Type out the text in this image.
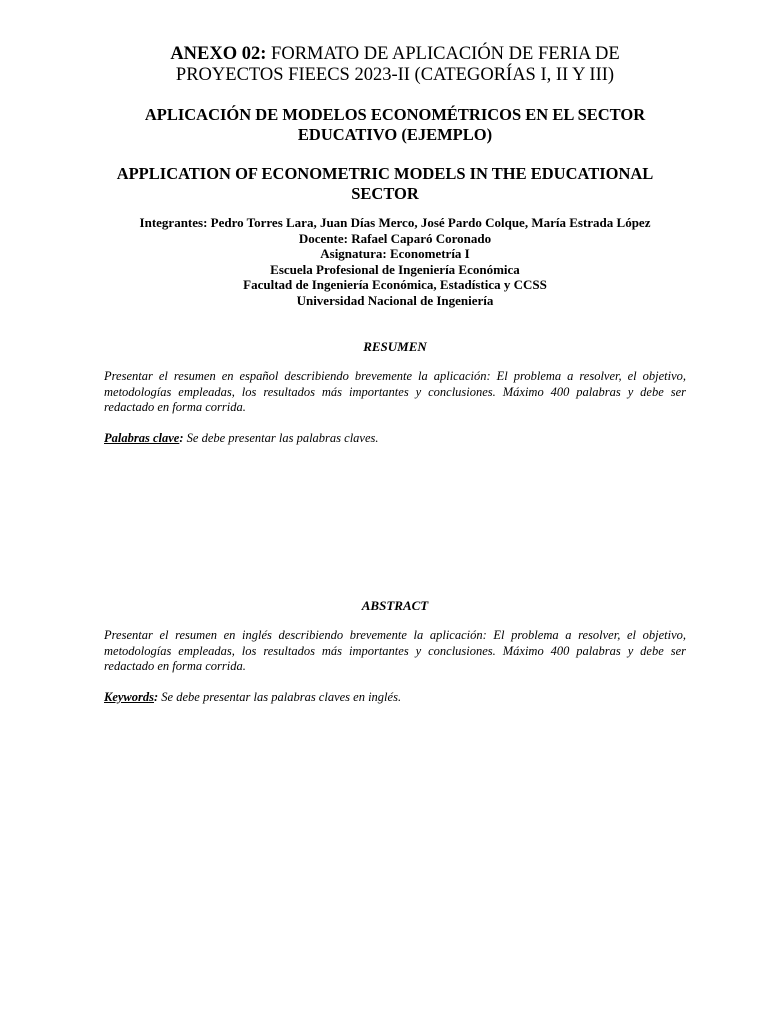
ANEXO 02: FORMATO DE APLICACIÓN DE FERIA DE
PROYECTOS FIEECS 2023-II (CATEGORÍAS I, II Y III)
APLICACIÓN DE MODELOS ECONOMÉTRICOS EN EL SECTOR
EDUCATIVO (EJEMPLO)
APPLICATION OF ECONOMETRIC MODELS IN THE EDUCATIONAL
SECTOR
Integrantes: Pedro Torres Lara, Juan Días Merco, José Pardo Colque, María Estrada López
Docente: Rafael Caparó Coronado
Asignatura: Econometría I
Escuela Profesional de Ingeniería Económica
Facultad de Ingeniería Económica, Estadística y CCSS
Universidad Nacional de Ingeniería
RESUMEN
Presentar el resumen en español describiendo brevemente la aplicación: El problema a resolver, el objetivo, metodologías empleadas, los resultados más importantes y conclusiones. Máximo 400 palabras y debe ser redactado en forma corrida.
Palabras clave: Se debe presentar las palabras claves.
ABSTRACT
Presentar el resumen en inglés describiendo brevemente la aplicación: El problema a resolver, el objetivo, metodologías empleadas, los resultados más importantes y conclusiones. Máximo 400 palabras y debe ser redactado en forma corrida.
Keywords: Se debe presentar las palabras claves en inglés.
